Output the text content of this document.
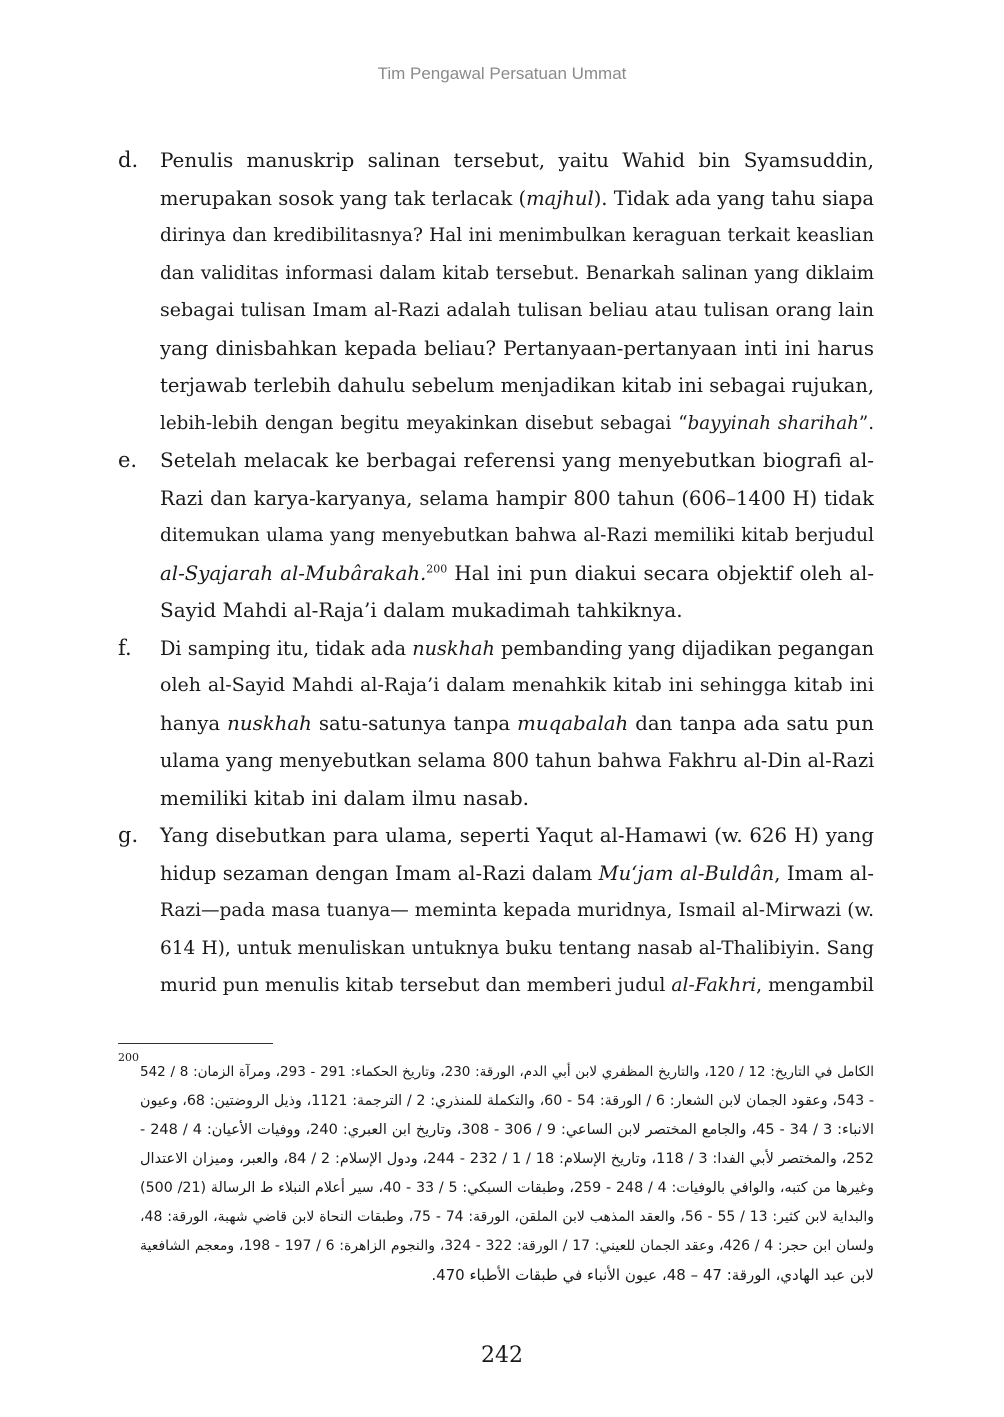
Tim Pengawal Persatuan Ummat
d. Penulis manuskrip salinan tersebut, yaitu Wahid bin Syamsuddin,
merupakan sosok yang tak terlacak (majhul). Tidak ada yang tahu siapa
dirinya dan kredibilitasnya? Hal ini menimbulkan keraguan terkait keaslian
dan validitas informasi dalam kitab tersebut. Benarkah salinan yang diklaim
sebagai tulisan Imam al-Razi adalah tulisan beliau atau tulisan orang lain
yang dinisbahkan kepada beliau? Pertanyaan-pertanyaan inti ini harus
terjawab terlebih dahulu sebelum menjadikan kitab ini sebagai rujukan,
lebih-lebih dengan begitu meyakinkan disebut sebagai “bayyinah sharihah”.
e. Setelah melacak ke berbagai referensi yang menyebutkan biografi al-
Razi dan karya-karyanya, selama hampir 800 tahun (606–1400 H) tidak
ditemukan ulama yang menyebutkan bahwa al-Razi memiliki kitab berjudul
al-Syajarah al-Mubârakah.$^{200}$ Hal ini pun diakui secara objektif oleh al-
Sayid Mahdi al-Raja’i dalam mukadimah tahkiknya.
f. Di samping itu, tidak ada nuskhah pembanding yang dijadikan pegangan
oleh al-Sayid Mahdi al-Raja’i dalam menahkik kitab ini sehingga kitab ini
hanya nuskhah satu-satunya tanpa muqabalah dan tanpa ada satu pun
ulama yang menyebutkan selama 800 tahun bahwa Fakhru al-Din al-Razi
memiliki kitab ini dalam ilmu nasab.
g. Yang disebutkan para ulama, seperti Yaqut al-Hamawi (w. 626 H) yang
hidup sezaman dengan Imam al-Razi dalam Mu‘jam al-Buldân, Imam al-
Razi—pada masa tuanya— meminta kepada muridnya, Ismail al-Mirwazi (w.
614 H), untuk menuliskan untuknya buku tentang nasab al-Thalibiyin. Sang
murid pun menulis kitab tersebut dan memberi judul al-Fakhri, mengambil
200
الكامل في التاريخ: 12 / 120، والتاريخ المظفري لابن أبي الدم، الورقة: 230، وتاريخ الحكماء: 291 - 293، ومرآة الزمان: 8 / 542
- 543، وعقود الجمان لابن الشعار: 6 / الورقة: 54 - 60، والتكملة للمنذري: 2 / الترجمة: 1121، وذيل الروضتين: 68، وعيون
الانباء: 3 / 34 - 45، والجامع المختصر لابن الساعي: 9 / 306 - 308، وتاريخ ابن العبري: 240، ووفيات الأعيان: 4 / 248 -
252، والمختصر لأبي الفدا: 3 / 118، وتاريخ الإسلام: 18 / 1 / 232 - 244، ودول الإسلام: 2 / 84، والعبر، وميزان الاعتدال
وغيرها من كتبه، والوافي بالوفيات: 4 / 248 - 259، وطبقات السبكي: 5 / 33 - 40، سير أعلام النبلاء ط الرسالة (21/ 500)
والبداية لابن كثير: 13 / 55 - 56، والعقد المذهب لابن الملقن، الورقة: 74 - 75، وطبقات النحاة لابن قاضي شهبة، الورقة: 48،
ولسان ابن حجر: 4 / 426، وعقد الجمان للعيني: 17 / الورقة: 322 - 324، والنجوم الزاهرة: 6 / 197 - 198، ومعجم الشافعية
لابن عبد الهادي، الورقة: 47 – 48، عيون الأنباء في طبقات الأطباء 470.
242
